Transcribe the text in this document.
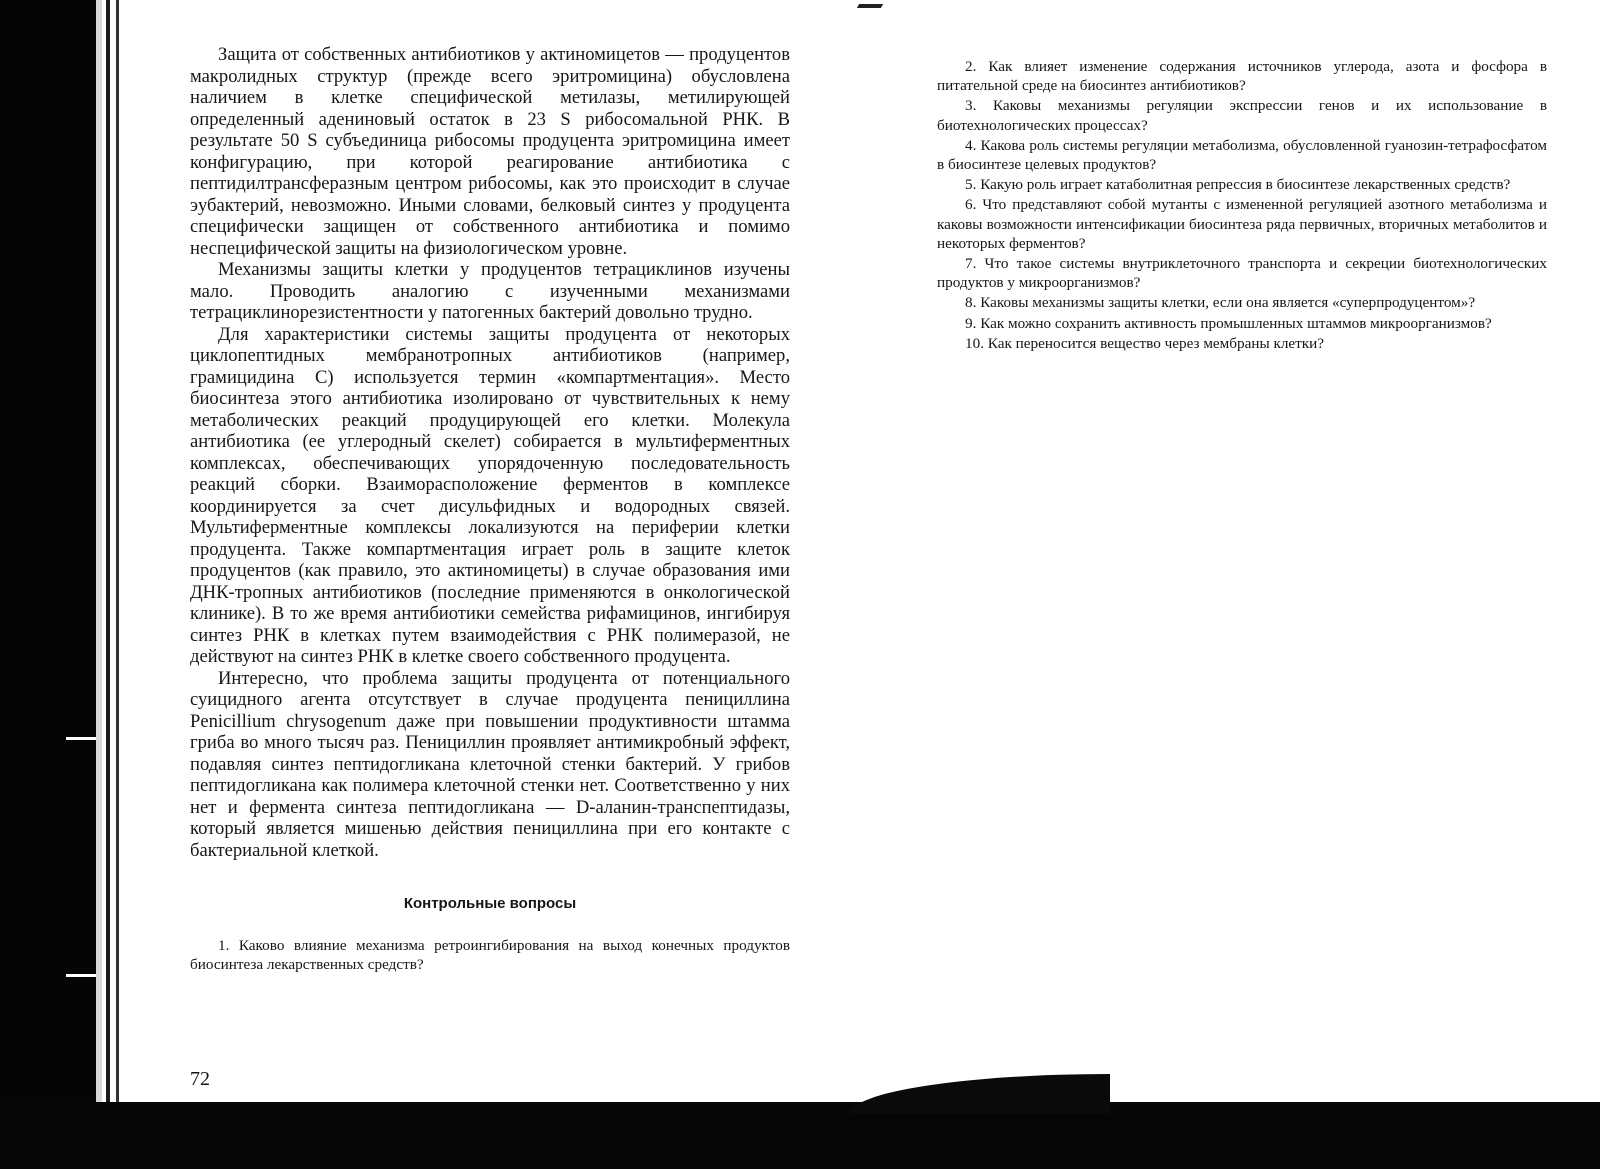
Защита от собственных антибиотиков у актиномицетов — продуцентов макролидных структур (прежде всего эритромицина) обусловлена наличием в клетке специфической метилазы, метилирующей определенный адениновый остаток в 23 S рибосомальной РНК. В результате 50 S субъединица рибосомы продуцента эритромицина имеет конфигурацию, при которой реагирование антибиотика с пептидилтрансферазным центром рибосомы, как это происходит в случае эубактерий, невозможно. Иными словами, белковый синтез у продуцента специфически защищен от собственного антибиотика и помимо неспецифической защиты на физиологическом уровне.

Механизмы защиты клетки у продуцентов тетрациклинов изучены мало. Проводить аналогию с изученными механизмами тетрациклинорезистентности у патогенных бактерий довольно трудно.

Для характеристики системы защиты продуцента от некоторых циклопептидных мембранотропных антибиотиков (например, грамицидина С) используется термин «компартментация». Место биосинтеза этого антибиотика изолировано от чувствительных к нему метаболических реакций продуцирующей его клетки. Молекула антибиотика (ее углеродный скелет) собирается в мультиферментных комплексах, обеспечивающих упорядоченную последовательность реакций сборки. Взаиморасположение ферментов в комплексе координируется за счет дисульфидных и водородных связей. Мультиферментные комплексы локализуются на периферии клетки продуцента. Также компартментация играет роль в защите клеток продуцентов (как правило, это актиномицеты) в случае образования ими ДНК-тропных антибиотиков (последние применяются в онкологической клинике). В то же время антибиотики семейства рифамицинов, ингибируя синтез РНК в клетках путем взаимодействия с РНК полимеразой, не действуют на синтез РНК в клетке своего собственного продуцента.

Интересно, что проблема защиты продуцента от потенциального суицидного агента отсутствует в случае продуцента пенициллина Penicillium chrysogenum даже при повышении продуктивности штамма гриба во много тысяч раз. Пенициллин проявляет антимикробный эффект, подавляя синтез пептидогликана клеточной стенки бактерий. У грибов пептидогликана как полимера клеточной стенки нет. Соответственно у них нет и фермента синтеза пептидогликана — D-аланин-транспептидазы, который является мишенью действия пенициллина при его контакте с бактериальной клеткой.

Контрольные вопросы

1. Каково влияние механизма ретроингибирования на выход конечных продуктов биосинтеза лекарственных средств?

72

2. Как влияет изменение содержания источников углерода, азота и фосфора в питательной среде на биосинтез антибиотиков?

3. Каковы механизмы регуляции экспрессии генов и их использование в биотехнологических процессах?

4. Какова роль системы регуляции метаболизма, обусловленной гуанозин-тетрафосфатом в биосинтезе целевых продуктов?

5. Какую роль играет катаболитная репрессия в биосинтезе лекарственных средств?

6. Что представляют собой мутанты с измененной регуляцией азотного метаболизма и каковы возможности интенсификации биосинтеза ряда первичных, вторичных метаболитов и некоторых ферментов?

7. Что такое системы внутриклеточного транспорта и секреции биотехнологических продуктов у микроорганизмов?

8. Каковы механизмы защиты клетки, если она является «суперпродуцентом»?

9. Как можно сохранить активность промышленных штаммов микроорганизмов?

10. Как переносится вещество через мембраны клетки?
